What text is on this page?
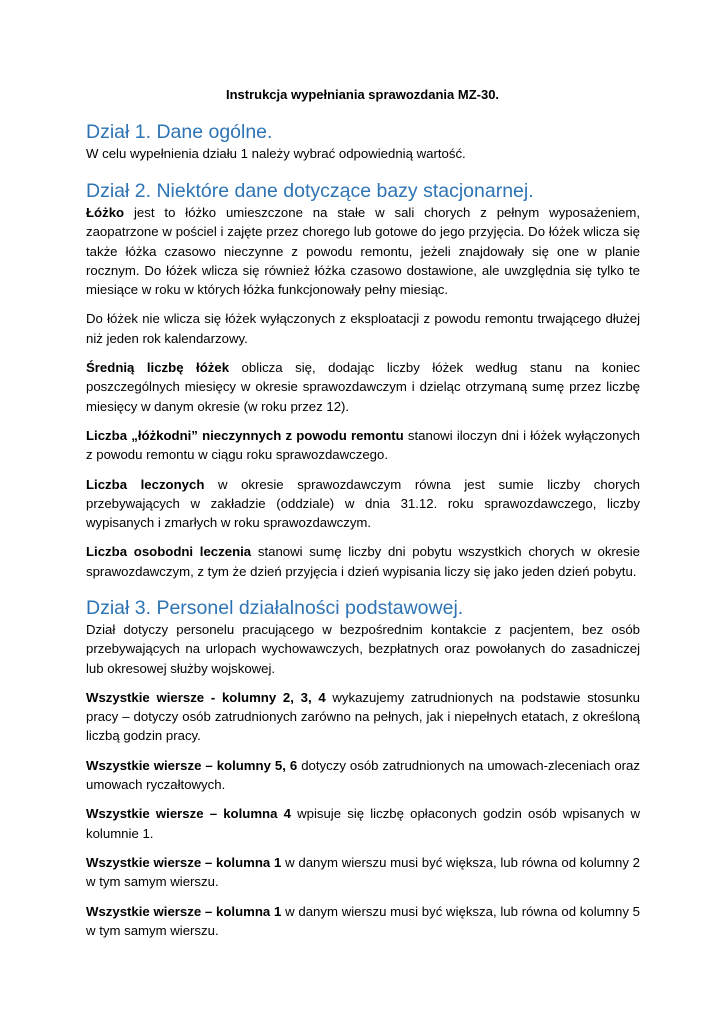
Instrukcja wypełniania sprawozdania MZ-30.
Dział 1. Dane ogólne.

W celu wypełnienia działu 1 należy wybrać odpowiednią wartość.

Dział 2. Niektóre dane dotyczące bazy stacjonarnej.

Łóżko jest to łóżko umieszczone na stałe w sali chorych z pełnym wyposażeniem, zaopatrzone w pościel i zajęte przez chorego lub gotowe do jego przyjęcia. Do łóżek wlicza się także łóżka czasowo nieczynne z powodu remontu, jeżeli znajdowały się one w planie rocznym. Do łóżek wlicza się również łóżka czasowo dostawione, ale uwzględnia się tylko te miesiące w roku w których łóżka funkcjonowały pełny miesiąc.

Do łóżek nie wlicza się łóżek wyłączonych z eksploatacji z powodu remontu trwającego dłużej niż jeden rok kalendarzowy.

Średnią liczbę łóżek oblicza się, dodając liczby łóżek według stanu na koniec poszczególnych miesięcy w okresie sprawozdawczym i dzieląc otrzymaną sumę przez liczbę miesięcy w danym okresie (w roku przez 12).

Liczba „łóżkodni” nieczynnych z powodu remontu stanowi iloczyn dni i łóżek wyłączonych z powodu remontu w ciągu roku sprawozdawczego.

Liczba leczonych w okresie sprawozdawczym równa jest sumie liczby chorych przebywających w zakładzie (oddziale) w dnia 31.12. roku sprawozdawczego, liczby wypisanych i zmarłych w roku sprawozdawczym.

Liczba osobodni leczenia stanowi sumę liczby dni pobytu wszystkich chorych w okresie sprawozdawczym, z tym że dzień przyjęcia i dzień wypisania liczy się jako jeden dzień pobytu.

Dział 3. Personel działalności podstawowej.

Dział dotyczy personelu pracującego w bezpośrednim kontakcie z pacjentem, bez osób przebywających na urlopach wychowawczych, bezpłatnych oraz powołanych do zasadniczej lub okresowej służby wojskowej.

Wszystkie wiersze - kolumny 2, 3, 4 wykazujemy zatrudnionych na podstawie stosunku pracy – dotyczy osób zatrudnionych zarówno na pełnych, jak i niepełnych etatach, z określoną liczbą godzin pracy.

Wszystkie wiersze – kolumny 5, 6 dotyczy osób zatrudnionych na umowach-zleceniach oraz umowach ryczałtowych.

Wszystkie wiersze – kolumna 4 wpisuje się liczbę opłaconych godzin osób wpisanych w kolumnie 1.

Wszystkie wiersze – kolumna 1 w danym wierszu musi być większa, lub równa od kolumny 2 w tym samym wierszu.

Wszystkie wiersze – kolumna 1 w danym wierszu musi być większa, lub równa od kolumny 5 w tym samym wierszu.
